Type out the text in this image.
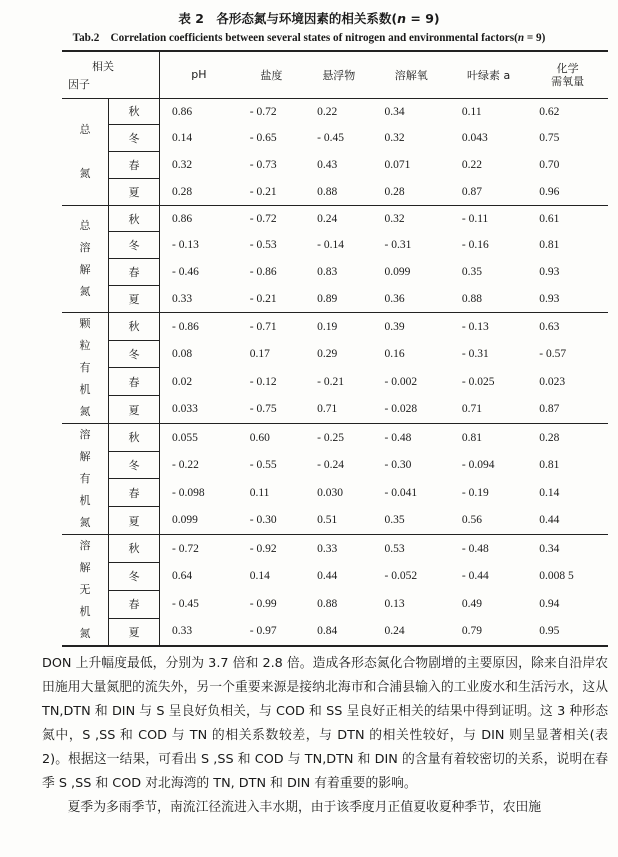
表 2　各形态氮与环境因素的相关系数(n = 9)
Tab.2　Correlation coefficients between several states of nitrogen and environmental factors(n = 9)
相关
因子		pH	盐度	悬浮物	溶解氧	叶绿素 a	化学
需氧量
总

氮	秋	0.86	- 0.72	0.22	0.34	0.11	0.62
	冬	0.14	- 0.65	- 0.45	0.32	0.043	0.75
	春	0.32	- 0.73	0.43	0.071	0.22	0.70
	夏	0.28	- 0.21	0.88	0.28	0.87	0.96
总
溶
解
氮	秋	0.86	- 0.72	0.24	0.32	- 0.11	0.61
	冬	- 0.13	- 0.53	- 0.14	- 0.31	- 0.16	0.81
	春	- 0.46	- 0.86	0.83	0.099	0.35	0.93
	夏	0.33	- 0.21	0.89	0.36	0.88	0.93
颗
粒
有
机
氮	秋	- 0.86	- 0.71	0.19	0.39	- 0.13	0.63
	冬	0.08	0.17	0.29	0.16	- 0.31	- 0.57
	春	0.02	- 0.12	- 0.21	- 0.002	- 0.025	0.023
	夏	0.033	- 0.75	0.71	- 0.028	0.71	0.87
溶
解
有
机
氮	秋	0.055	0.60	- 0.25	- 0.48	0.81	0.28
	冬	- 0.22	- 0.55	- 0.24	- 0.30	- 0.094	0.81
	春	- 0.098	0.11	0.030	- 0.041	- 0.19	0.14
	夏	0.099	- 0.30	0.51	0.35	0.56	0.44
溶
解
无
机
氮	秋	- 0.72	- 0.92	0.33	0.53	- 0.48	0.34
	冬	0.64	0.14	0.44	- 0.052	- 0.44	0.008 5
	春	- 0.45	- 0.99	0.88	0.13	0.49	0.94
	夏	0.33	- 0.97	0.84	0.24	0.79	0.95
DON 上升幅度最低，分别为 3.7 倍和 2.8 倍。造成各形态氮化合物剧增的主要原因，除来自沿岸农田施用大量氮肥的流失外，另一个重要来源是接纳北海市和合浦县输入的工业废水和生活污水，这从 TN,DTN 和 DIN 与 S 呈良好负相关，与 COD 和 SS 呈良好正相关的结果中得到证明。这 3 种形态氮中，S ,SS 和 COD 与 TN 的相关系数较差，与 DTN 的相关性较好，与 DIN 则呈显著相关(表 2)。根据这一结果，可看出 S ,SS 和 COD 与 TN,DTN 和 DIN 的含量有着较密切的关系，说明在春季 S ,SS 和 COD 对北海湾的 TN, DTN 和 DIN 有着重要的影响。
夏季为多雨季节，南流江径流进入丰水期，由于该季度月正值夏收夏种季节，农田施
